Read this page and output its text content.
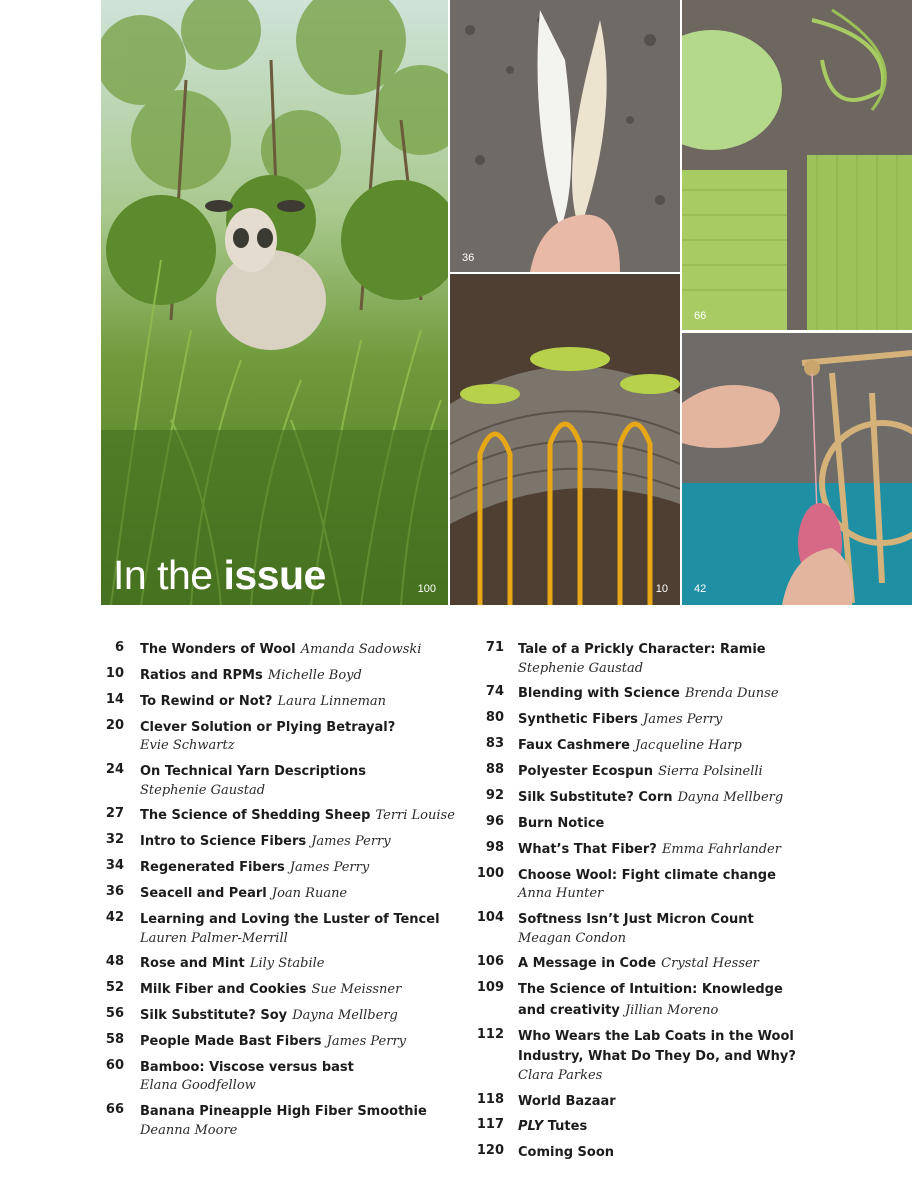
In the issue	100
36
66
10 42
6 The Wonders of Wool Amanda Sadowski
10 Ratios and RPMs Michelle Boyd
14 To Rewind or Not? Laura Linneman
20 Clever Solution or Plying Betrayal?
Evie Schwartz
24 On Technical Yarn Descriptions
Stephenie Gaustad
27 The Science of Shedding Sheep Terri Louise
32 Intro to Science Fibers James Perry
34 Regenerated Fibers James Perry
36 Seacell and Pearl Joan Ruane
42 Learning and Loving the Luster of Tencel
Lauren Palmer-Merrill
48 Rose and Mint Lily Stabile
52 Milk Fiber and Cookies Sue Meissner
56 Silk Substitute? Soy Dayna Mellberg
58 People Made Bast Fibers James Perry
60 Bamboo: Viscose versus bast
Elana Goodfellow
66 Banana Pineapple High Fiber Smoothie
Deanna Moore
71 Tale of a Prickly Character: Ramie
Stephenie Gaustad
74 Blending with Science Brenda Dunse
80 Synthetic Fibers James Perry
83 Faux Cashmere Jacqueline Harp
88 Polyester Ecospun Sierra Polsinelli
92 Silk Substitute? Corn Dayna Mellberg
96 Burn Notice
98 What’s That Fiber? Emma Fahrlander
100 Choose Wool: Fight climate change
Anna Hunter
104 Softness Isn’t Just Micron Count
Meagan Condon
106 A Message in Code Crystal Hesser
109 The Science of Intuition: Knowledge and creativity Jillian Moreno
112 Who Wears the Lab Coats in the Wool Industry, What Do They Do, and Why?
Clara Parkes
118 World Bazaar
117 PLY Tutes
120 Coming Soon
